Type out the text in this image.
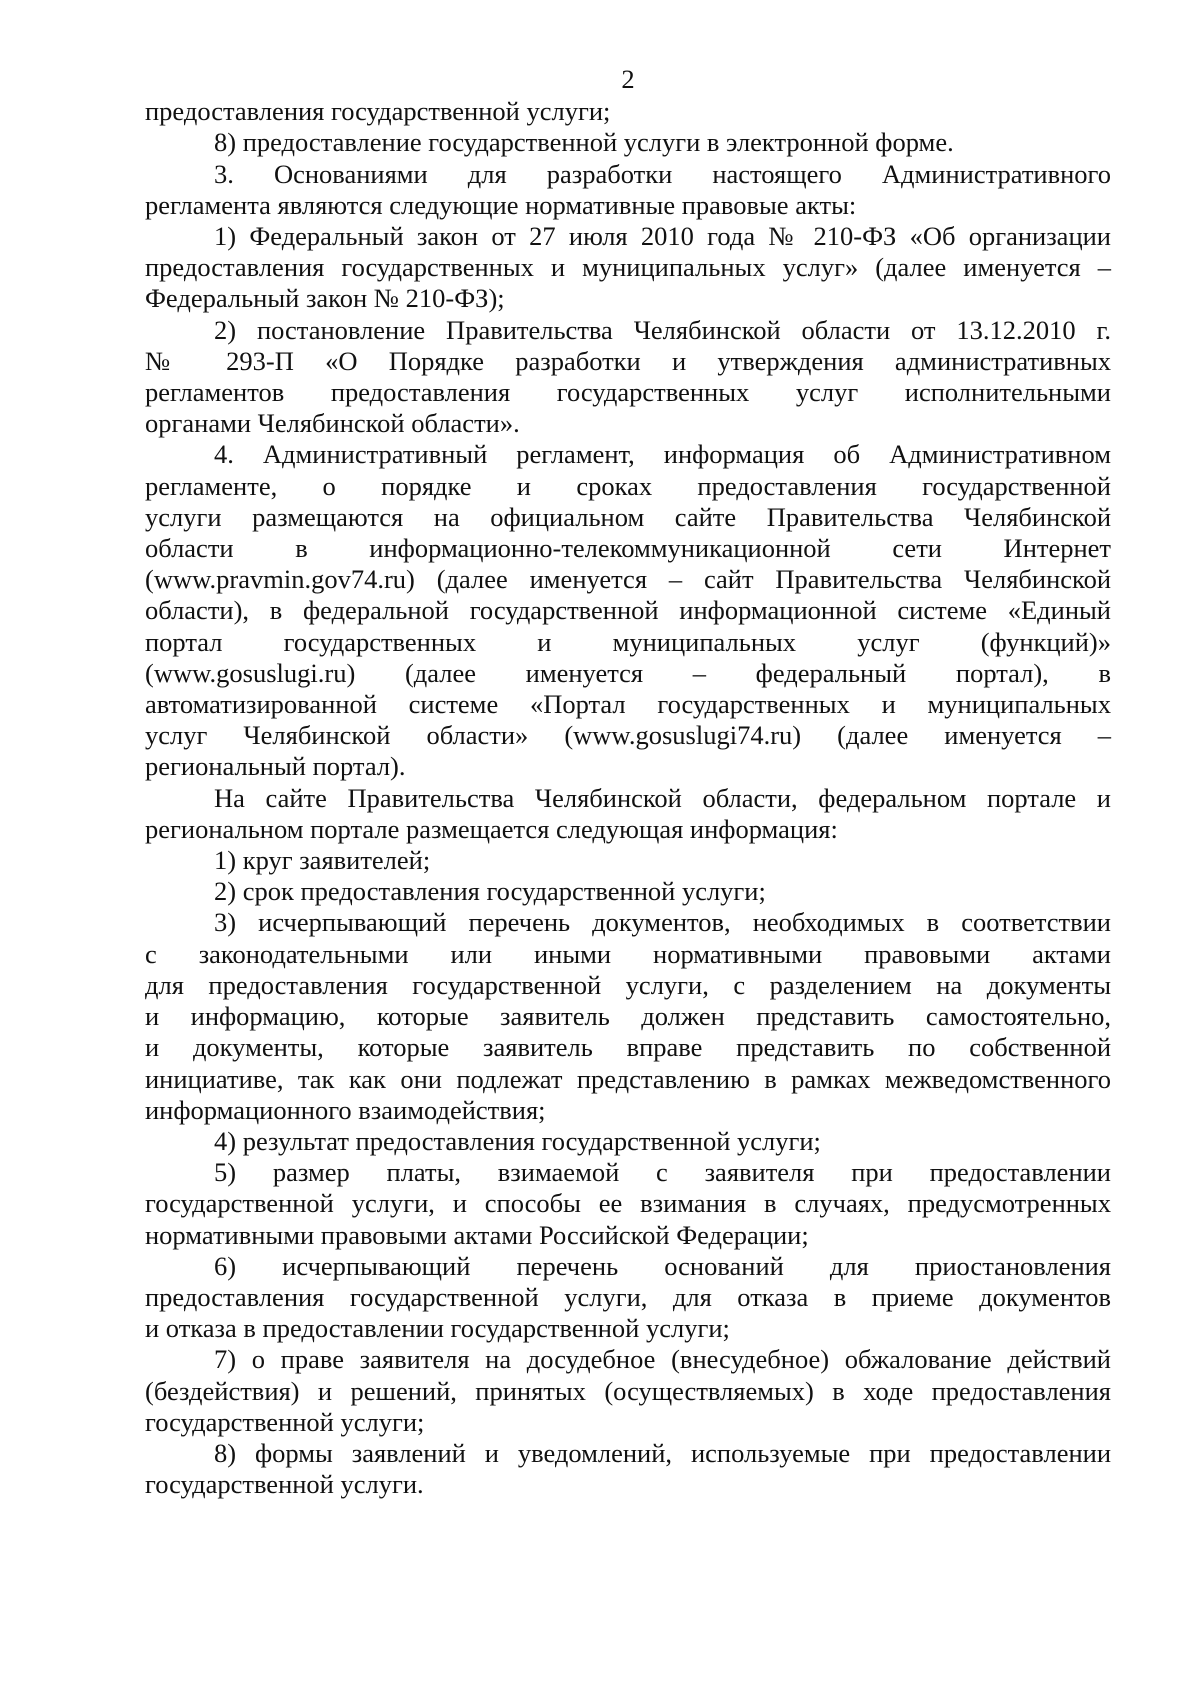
2
предоставления государственной услуги;
8) предоставление государственной услуги в электронной форме.
3. Основаниями для разработки настоящего Административного
регламента являются следующие нормативные правовые акты:
1) Федеральный закон от 27 июля 2010 года № 210-ФЗ «Об организации
предоставления государственных и муниципальных услуг» (далее именуется –
Федеральный закон № 210-ФЗ);
2) постановление Правительства Челябинской области от 13.12.2010 г.
№ 293-П «О Порядке разработки и утверждения административных
регламентов предоставления государственных услуг исполнительными
органами Челябинской области».
4. Административный регламент, информация об Административном
регламенте, о порядке и сроках предоставления государственной
услуги размещаются на официальном сайте Правительства Челябинской
области в информационно-телекоммуникационной сети Интернет
(www.pravmin.gov74.ru) (далее именуется – сайт Правительства Челябинской
области), в федеральной государственной информационной системе «Единый
портал государственных и муниципальных услуг (функций)»
(www.gosuslugi.ru) (далее именуется – федеральный портал), в
автоматизированной системе «Портал государственных и муниципальных
услуг Челябинской области» (www.gosuslugi74.ru) (далее именуется –
региональный портал).
На сайте Правительства Челябинской области, федеральном портале и
региональном портале размещается следующая информация:
1) круг заявителей;
2) срок предоставления государственной услуги;
3) исчерпывающий перечень документов, необходимых в соответствии
с законодательными или иными нормативными правовыми актами
для предоставления государственной услуги, с разделением на документы
и информацию, которые заявитель должен представить самостоятельно,
и документы, которые заявитель вправе представить по собственной
инициативе, так как они подлежат представлению в рамках межведомственного
информационного взаимодействия;
4) результат предоставления государственной услуги;
5) размер платы, взимаемой с заявителя при предоставлении
государственной услуги, и способы ее взимания в случаях, предусмотренных
нормативными правовыми актами Российской Федерации;
6) исчерпывающий перечень оснований для приостановления
предоставления государственной услуги, для отказа в приеме документов
и отказа в предоставлении государственной услуги;
7) о праве заявителя на досудебное (внесудебное) обжалование действий
(бездействия) и решений, принятых (осуществляемых) в ходе предоставления
государственной услуги;
8) формы заявлений и уведомлений, используемые при предоставлении
государственной услуги.
